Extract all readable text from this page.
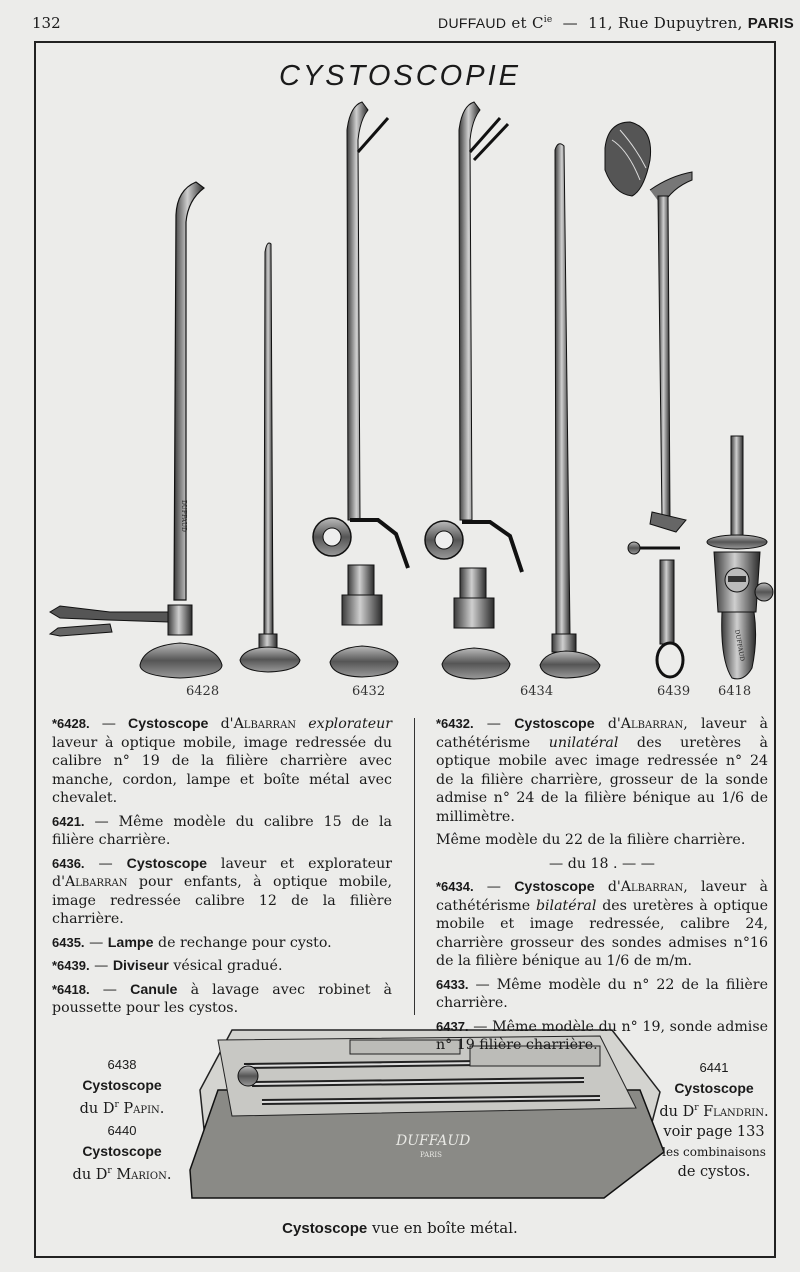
132	DUFFAUD et $C^{ie}$ — 11, Rue Dupuytren, PARIS
CYSTOSCOPIE
DUFFAUD
DUFFAUD
DUFFAUD
PARIS
6428	6432	6434	6439 6418

*6428. — Cystoscope d'Albarran explorateur laveur à optique mobile, image redressée du calibre n° 19 de la filière charrière avec manche, cordon, lampe et boîte métal avec chevalet.

6421. — Même modèle du calibre 15 de la filière charrière.

6436. — Cystoscope laveur et explorateur d'Albarran pour enfants, à optique mobile, image redressée calibre 12 de la filière charrière.

6435. — Lampe de rechange pour cysto.

*6439. — Diviseur vésical gradué.

*6418. — Canule à lavage avec robinet à poussette pour les cystos.

*6432. — Cystoscope d'Albarran, laveur à cathétérisme unilatéral des uretères à optique mobile avec image redressée n° 24 de la filière charrière, grosseur de la sonde admise n° 24 de la filière bénique au 1/6 de millimètre.

Même modèle du 22 de la filière charrière.

— du 18 . — —

*6434. — Cystoscope d'Albarran, laveur à cathétérisme bilatéral des uretères à optique mobile et image redressée, calibre 24, charrière grosseur des sondes admises n°16 de la filière bénique au 1/6 de m/m.

6433. — Même modèle du n° 22 de la filière charrière.

6437. — Même modèle du n° 19, sonde admise n° 19 filière charrière.

6438
Cystoscope
du $D^r$ Papin.
6440
Cystoscope
du $D^r$ Marion.
6441
Cystoscope
du $D^r$ Flandrin.
voir page 133
les combinaisons
de cystos.
Cystoscope vue en boîte métal.
